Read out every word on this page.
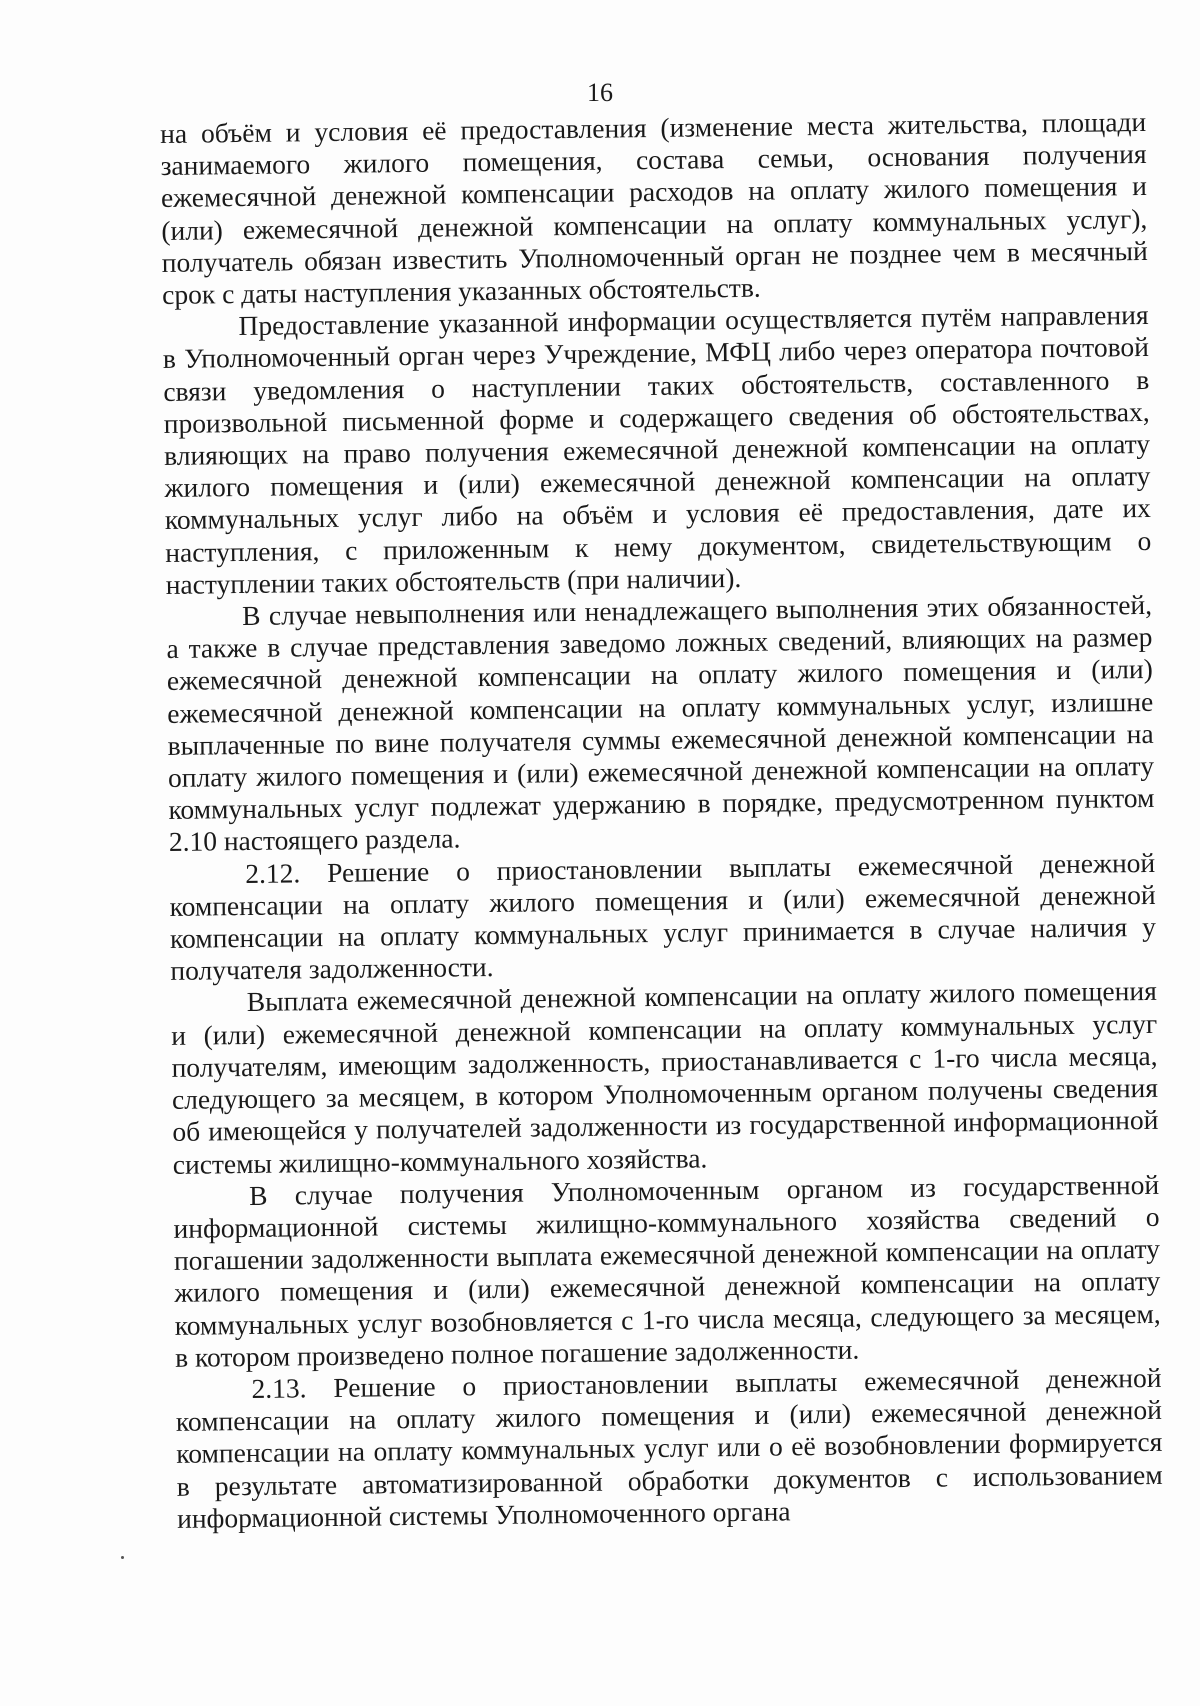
16

на объём и условия её предоставления (изменение места жительства, площади занимаемого жилого помещения, состава семьи, основания получения ежемесячной денежной компенсации расходов на оплату жилого помещения и (или) ежемесячной денежной компенсации на оплату коммунальных услуг), получатель обязан известить Уполномоченный орган не позднее чем в месячный срок с даты наступления указанных обстоятельств.

Предоставление указанной информации осуществляется путём направления в Уполномоченный орган через Учреждение, МФЦ либо через оператора почтовой связи уведомления о наступлении таких обстоятельств, составленного в произвольной письменной форме и содержащего сведения об обстоятельствах, влияющих на право получения ежемесячной денежной компенсации на оплату жилого помещения и (или) ежемесячной денежной компенсации на оплату коммунальных услуг либо на объём и условия её предоставления, дате их наступления, с приложенным к нему документом, свидетельствующим о наступлении таких обстоятельств (при наличии).

В случае невыполнения или ненадлежащего выполнения этих обязанностей, а также в случае представления заведомо ложных сведений, влияющих на размер ежемесячной денежной компенсации на оплату жилого помещения и (или) ежемесячной денежной компенсации на оплату коммунальных услуг, излишне выплаченные по вине получателя суммы ежемесячной денежной компенсации на оплату жилого помещения и (или) ежемесячной денежной компенсации на оплату коммунальных услуг подлежат удержанию в порядке, предусмотренном пунктом 2.10 настоящего раздела.

2.12. Решение о приостановлении выплаты ежемесячной денежной компенсации на оплату жилого помещения и (или) ежемесячной денежной компенсации на оплату коммунальных услуг принимается в случае наличия у получателя задолженности.

Выплата ежемесячной денежной компенсации на оплату жилого помещения и (или) ежемесячной денежной компенсации на оплату коммунальных услуг получателям, имеющим задолженность, приостанавливается с 1-го числа месяца, следующего за месяцем, в котором Уполномоченным органом получены сведения об имеющейся у получателей задолженности из государственной информационной системы жилищно-коммунального хозяйства.

В случае получения Уполномоченным органом из государственной информационной системы жилищно-коммунального хозяйства сведений о погашении задолженности выплата ежемесячной денежной компенсации на оплату жилого помещения и (или) ежемесячной денежной компенсации на оплату коммунальных услуг возобновляется с 1-го числа месяца, следующего за месяцем, в котором произведено полное погашение задолженности.

2.13. Решение о приостановлении выплаты ежемесячной денежной компенсации на оплату жилого помещения и (или) ежемесячной денежной компенсации на оплату коммунальных услуг или о её возобновлении формируется в результате автоматизированной обработки документов с использованием информационной системы Уполномоченного органа
